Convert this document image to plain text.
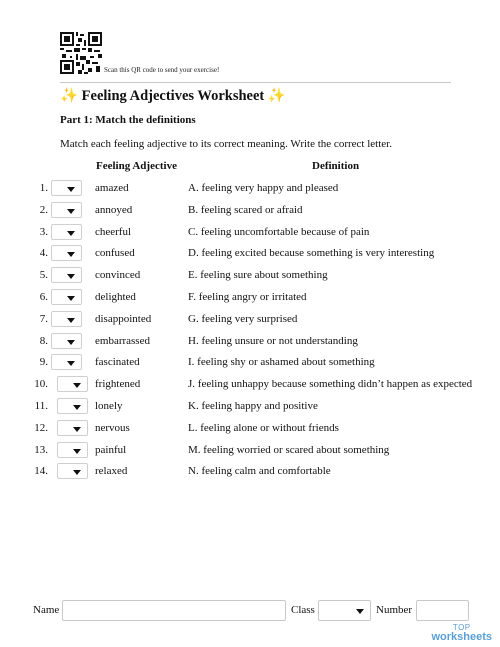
Scan this QR code to send your exercise!
✨ Feeling Adjectives Worksheet ✨
Part 1: Match the definitions
Match each feeling adjective to its correct meaning. Write the correct letter.
Feeling Adjective	Definition
1.	amazed	A. feeling very happy and pleased
2.	annoyed	B. feeling scared or afraid
3.	cheerful	C. feeling uncomfortable because of pain
4.	confused	D. feeling excited because something is very interesting
5.	convinced	E. feeling sure about something
6.	delighted	F. feeling angry or irritated
7.	disappointed	G. feeling very surprised
8.	embarrassed	H. feeling unsure or not understanding
9.	fascinated	I. feeling shy or ashamed about something
10.	frightened	J. feeling unhappy because something didn’t happen as expected
11.	lonely	K. feeling happy and positive
12.	nervous	L. feeling alone or without friends
13.	painful	M. feeling worried or scared about something
14.	relaxed	N. feeling calm and comfortable
Name	Class	Number
TOP
worksheets
